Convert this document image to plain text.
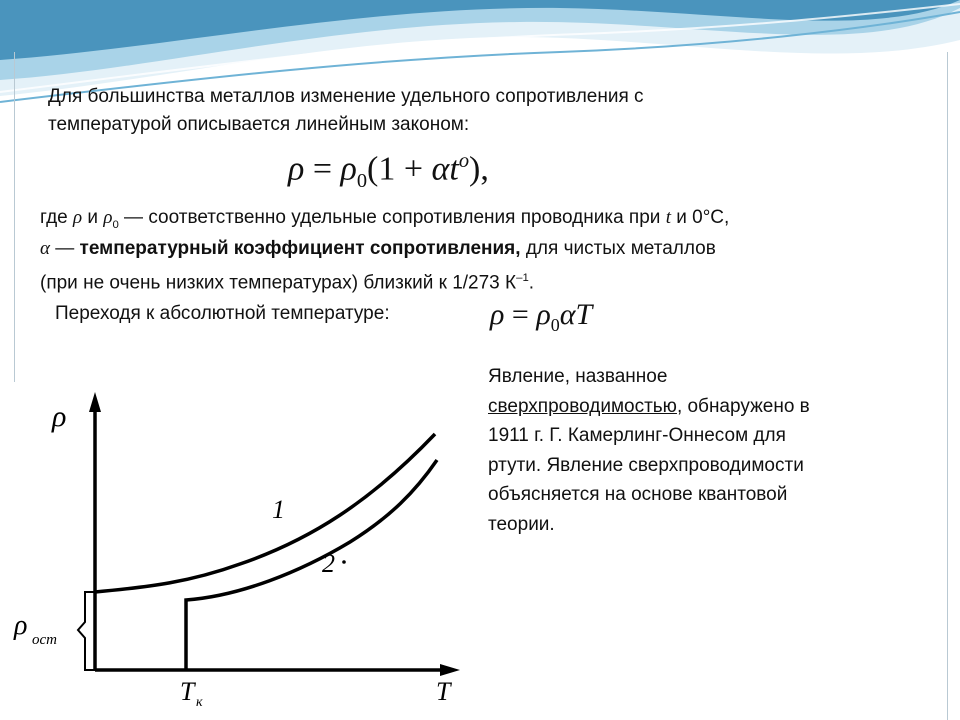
Для большинства металлов изменение удельного сопротивления с
температурой описывается линейным законом:
$\rho = \rho_0(1 + \alpha t^o)$,
где ρ и $\rho_0$ — соответственно удельные сопротивления проводника при t и 0°С,
α — температурный коэффициент сопротивления, для чистых металлов
(при не очень низких температурах) близкий к 1/273 $К^{-1}$.
Переходя к абсолютной температуре:	$\rho = \rho_0\alpha T$
Явление, названное
сверхпроводимостью, обнаружено в
1911 г. Г. Камерлинг-Оннесом для
ртути. Явление сверхпроводимости
объясняется на основе квантовой
теории.
ρ
T
ρ ост
T к
1
2
